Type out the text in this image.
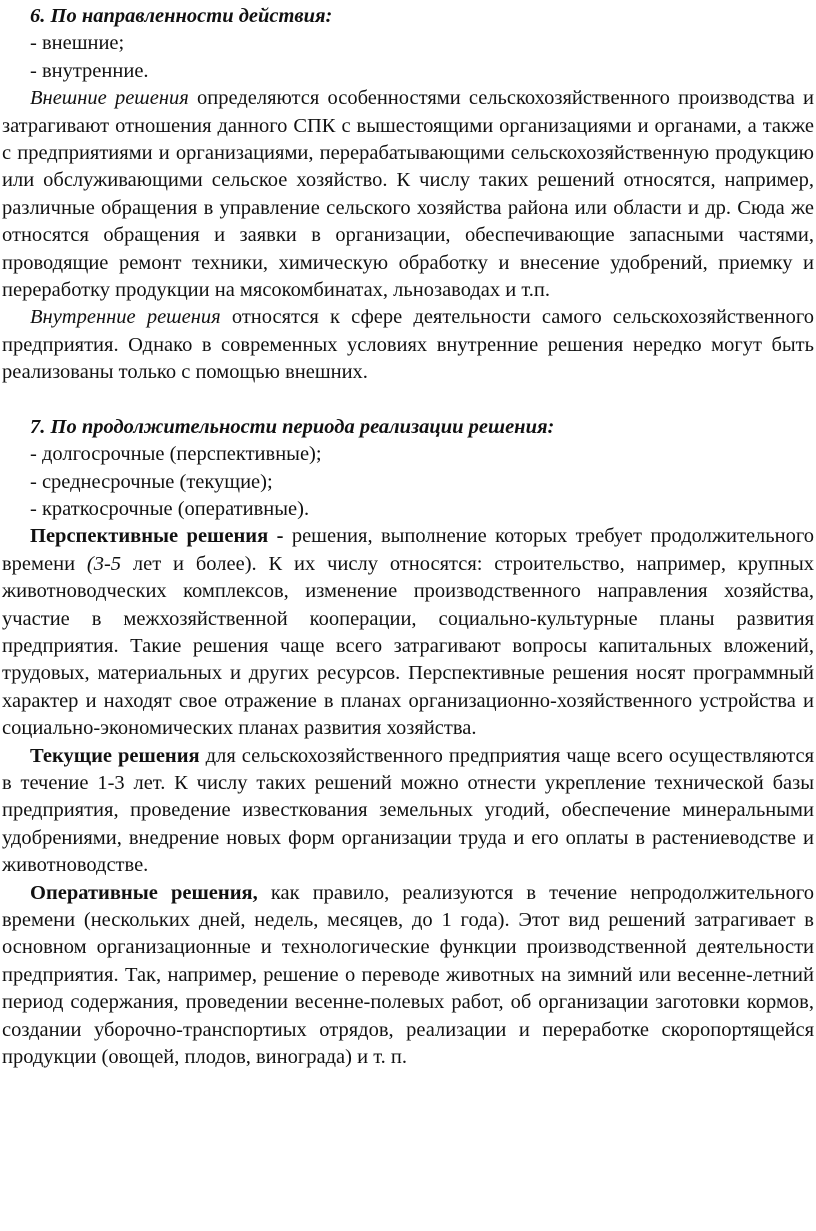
6. По направленности действия:
- внешние;
- внутренние.

Внешние решения определяются особенностями сельскохозяйственного производства и затрагивают отношения данного СПК с вышестоящими организациями и органами, а также с предприятиями и организациями, перерабатывающими сельскохозяйственную продукцию или обслуживающими сельское хозяйство. К числу таких решений относятся, например, различные обращения в управление сельского хозяйства района или области и др. Сюда же относятся обращения и заявки в организации, обеспечивающие запасными частями, проводящие ремонт техники, химическую обработку и внесение удобрений, приемку и переработку продукции на мясокомбинатах, льнозаводах и т.п.

Внутренние решения относятся к сфере деятельности самого сельскохозяйственного предприятия. Однако в современных условиях внутренние решения нередко могут быть реализованы только с помощью внешних.

7. По продолжительности периода реализации решения:
- долгосрочные (перспективные);
- среднесрочные (текущие);
- краткосрочные (оперативные).

Перспективные решения - решения, выполнение которых требует продолжительного времени (3-5 лет и более). К их числу относятся: строительство, например, крупных животноводческих комплексов, изменение производственного направления хозяйства, участие в межхозяйственной кооперации, социально-культурные планы развития предприятия. Такие решения чаще всего затрагивают вопросы капитальных вложений, трудовых, материальных и других ресурсов. Перспективные решения носят программный характер и находят свое отражение в планах организационно-хозяйственного устройства и социально-экономических планах развития хозяйства.

Текущие решения для сельскохозяйственного предприятия чаще всего осуществляются в течение 1-3 лет. К числу таких решений можно отнести укрепление технической базы предприятия, проведение известкования земельных угодий, обеспечение минеральными удобрениями, внедрение новых форм организации труда и его оплаты в растениеводстве и животноводстве.

Оперативные решения, как правило, реализуются в течение непродолжительного времени (нескольких дней, недель, месяцев, до 1 года). Этот вид решений затрагивает в основном организационные и технологические функции производственной деятельности предприятия. Так, например, решение о переводе животных на зимний или весенне-летний период содержания, проведении весенне-полевых работ, об организации заготовки кормов, создании уборочно-транспортиых отрядов, реализации и переработке скоропортящейся продукции (овощей, плодов, винограда) и т. п.
